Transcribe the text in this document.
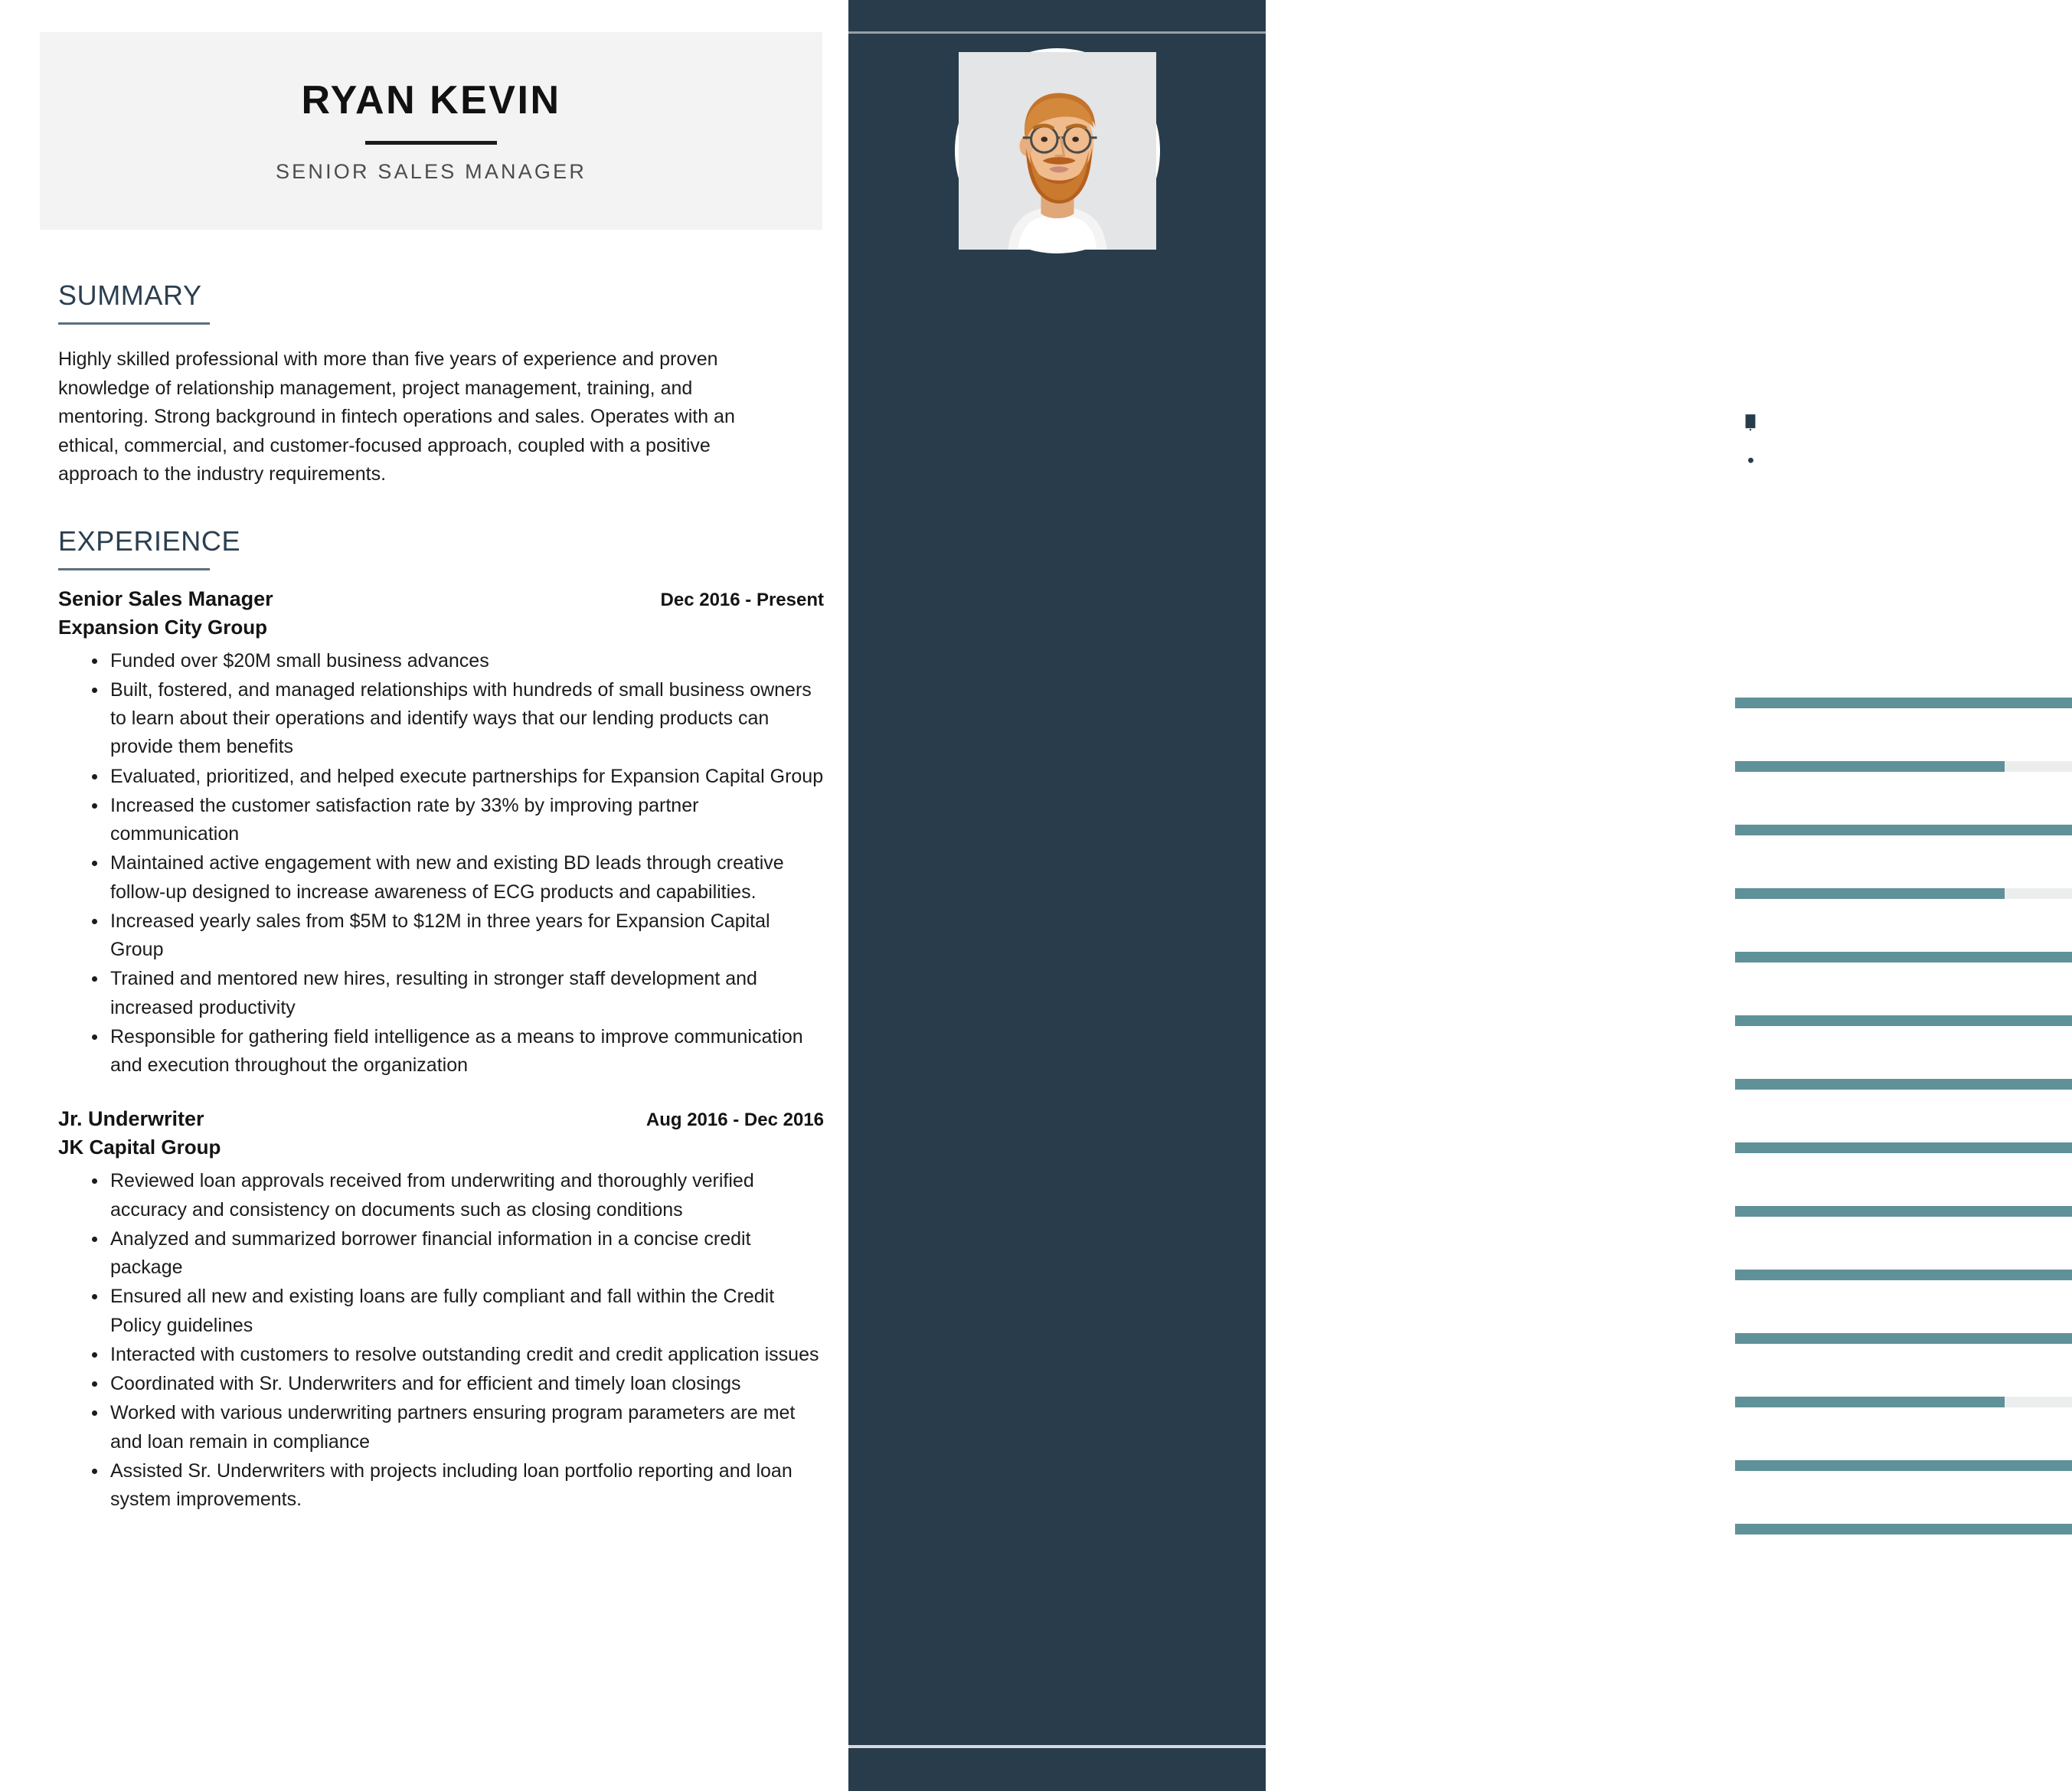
RYAN KEVIN
SENIOR SALES MANAGER
SUMMARY

Highly skilled professional with more than five years of experience and proven knowledge of relationship management, project management, training, and mentoring. Strong background in fintech operations and sales. Operates with an ethical, commercial, and customer-focused approach, coupled with a positive approach to the industry requirements.

EXPERIENCE
Senior Sales Manager	Dec 2016 - Present
Expansion City Group
Funded over $20M small business advances
Built, fostered, and managed relationships with hundreds of small business owners to learn about their operations and identify ways that our lending products can provide them benefits
Evaluated, prioritized, and helped execute partnerships for Expansion Capital Group
Increased the customer satisfaction rate by 33% by improving partner communication
Maintained active engagement with new and existing BD leads through creative follow-up designed to increase awareness of ECG products and capabilities.
Increased yearly sales from $5M to $12M in three years for Expansion Capital Group
Trained and mentored new hires, resulting in stronger staff development and increased productivity
Responsible for gathering field intelligence as a means to improve communication and execution throughout the organization
Jr. Underwriter	Aug 2016 - Dec 2016
JK Capital Group
Reviewed loan approvals received from underwriting and thoroughly verified accuracy and consistency on documents such as closing conditions
Analyzed and summarized borrower financial information in a concise credit package
Ensured all new and existing loans are fully compliant and fall within the Credit Policy guidelines
Interacted with customers to resolve outstanding credit and credit application issues
Coordinated with Sr. Underwriters and for efficient and timely loan closings
Worked with various underwriting partners ensuring program parameters are met and loan remain in compliance
Assisted Sr. Underwriters with projects including loan portfolio reporting and loan system improvements.
CONTACT
info@resumekraft.com
202-555-0120
Chicago, Illinois, US
linkedin.com/resumekraft
SKILLS
Client Relationship Management
Project Management
Managed Services
Secondary Research
Operational Reporting
Excellent Communication
Strong attention to details
Time Management
Verbal and Written Communication
Solutions Selling
Relationship Building
Leadership
Decision Making
Creative Problem Solving
